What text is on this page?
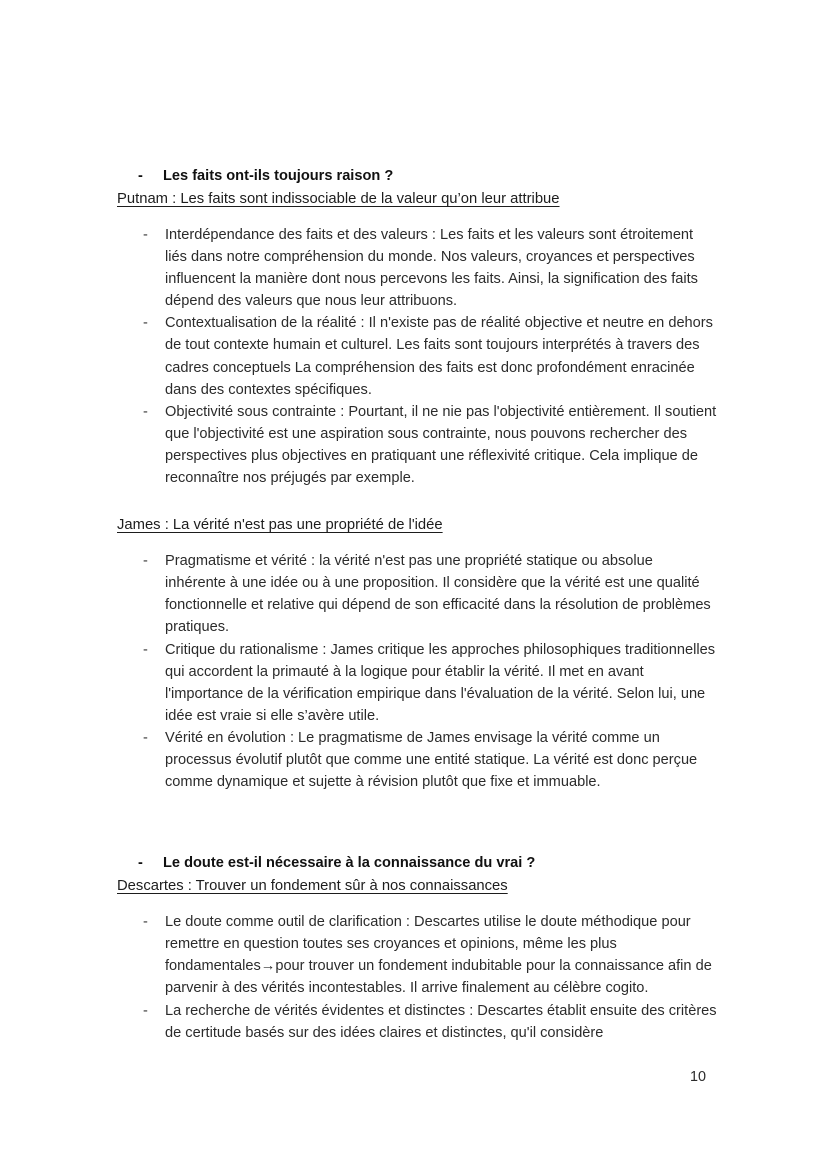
-	Les faits ont-ils toujours raison ?
Putnam : Les faits sont indissociable de la valeur qu’on leur attribue
-	Interdépendance des faits et des valeurs : Les faits et les valeurs sont étroitement liés dans notre compréhension du monde. Nos valeurs, croyances et perspectives influencent la manière dont nous percevons les faits. Ainsi, la signification des faits dépend des valeurs que nous leur attribuons.
-	Contextualisation de la réalité : Il n'existe pas de réalité objective et neutre en dehors de tout contexte humain et culturel. Les faits sont toujours interprétés à travers des cadres conceptuels La compréhension des faits est donc profondément enracinée dans des contextes spécifiques.
-	Objectivité sous contrainte : Pourtant, il ne nie pas l'objectivité entièrement. Il soutient que l'objectivité est une aspiration sous contrainte, nous pouvons rechercher des perspectives plus objectives en pratiquant une réflexivité critique. Cela implique de reconnaître nos préjugés par exemple.
James : La vérité n'est pas une propriété de l'idée
-	Pragmatisme et vérité : la vérité n'est pas une propriété statique ou absolue inhérente à une idée ou à une proposition. Il considère que la vérité est une qualité fonctionnelle et relative qui dépend de son efficacité dans la résolution de problèmes pratiques.
-	Critique du rationalisme : James critique les approches philosophiques traditionnelles qui accordent la primauté à la logique pour établir la vérité. Il met en avant l'importance de la vérification empirique dans l'évaluation de la vérité. Selon lui, une idée est vraie si elle s’avère utile.
-	Vérité en évolution : Le pragmatisme de James envisage la vérité comme un processus évolutif plutôt que comme une entité statique. La vérité est donc perçue comme dynamique et sujette à révision plutôt que fixe et immuable.
-	Le doute est-il nécessaire à la connaissance du vrai ?
Descartes : Trouver un fondement sûr à nos connaissances
-	Le doute comme outil de clarification : Descartes utilise le doute méthodique pour remettre en question toutes ses croyances et opinions, même les plus fondamentales→pour trouver un fondement indubitable pour la connaissance afin de parvenir à des vérités incontestables. Il arrive finalement au célèbre cogito.
-	La recherche de vérités évidentes et distinctes : Descartes établit ensuite des critères de certitude basés sur des idées claires et distinctes, qu'il considère
10
